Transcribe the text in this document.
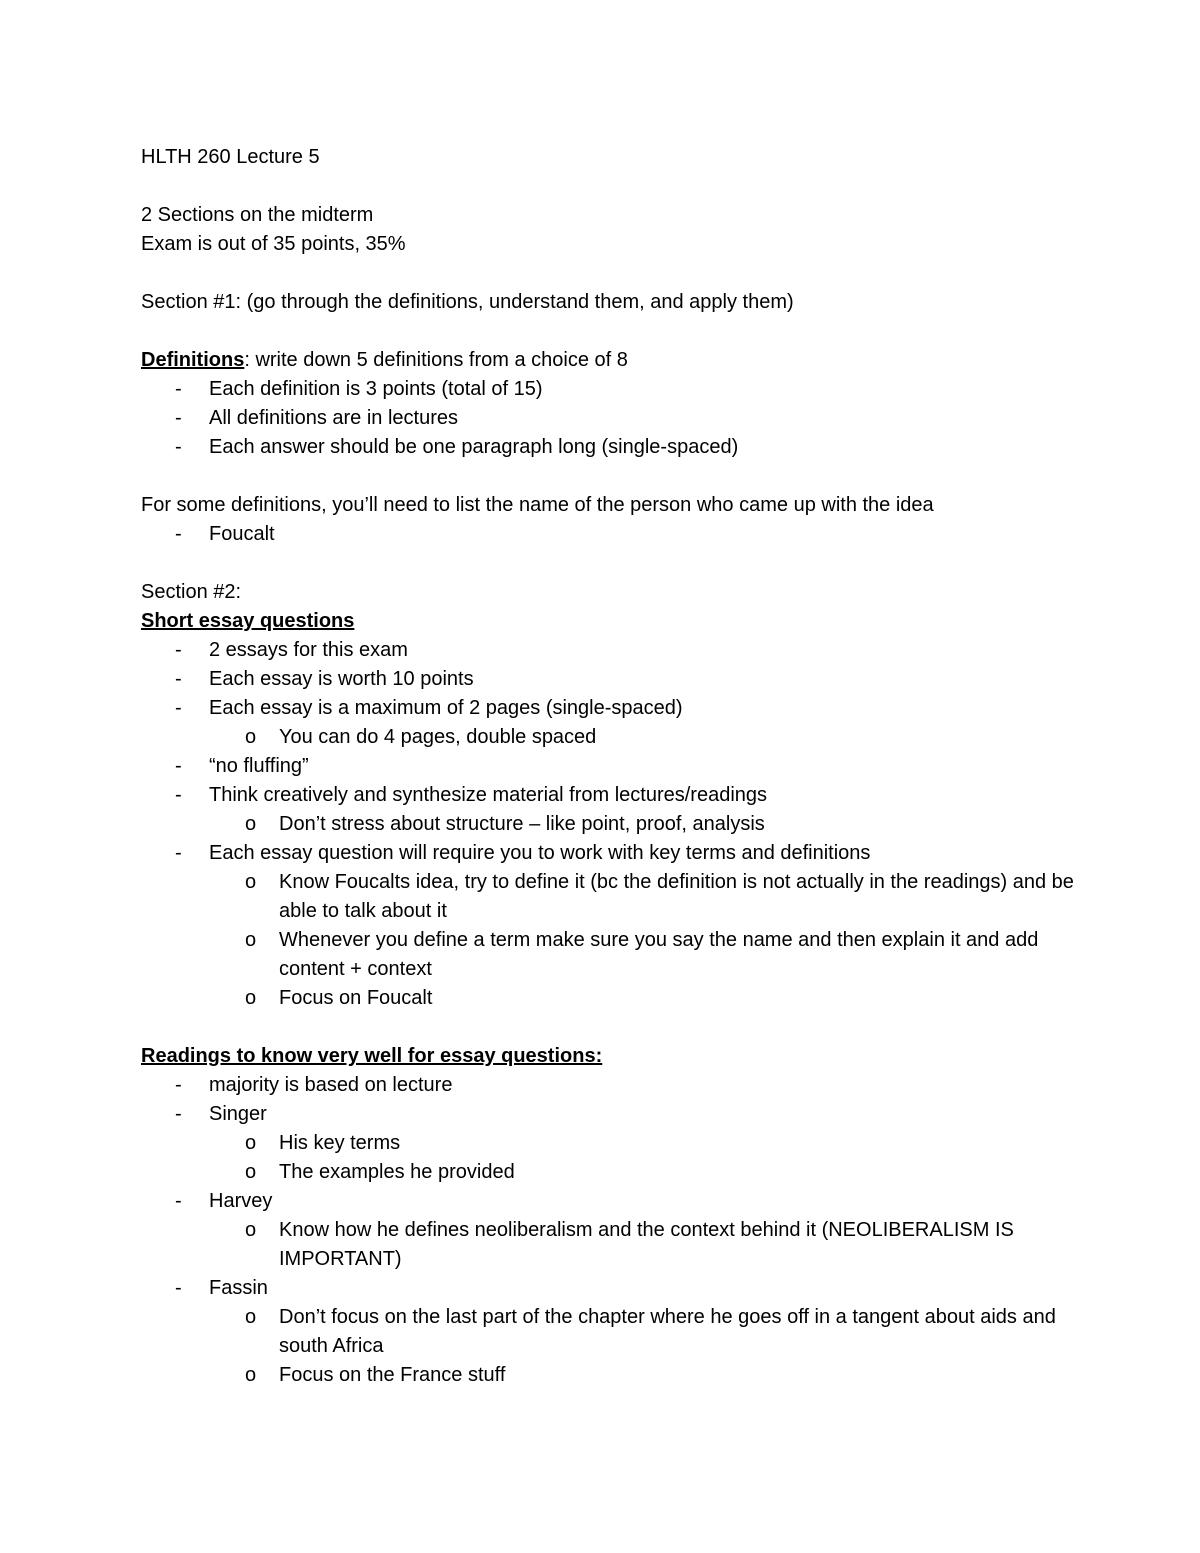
HLTH 260 Lecture 5

2 Sections on the midterm

Exam is out of 35 points, 35%

Section #1: (go through the definitions, understand them, and apply them)

Definitions: write down 5 definitions from a choice of 8

-	Each definition is 3 points (total of 15)
-	All definitions are in lectures
-	Each answer should be one paragraph long (single-spaced)

For some definitions, you’ll need to list the name of the person who came up with the idea

-	Foucalt

Section #2:

Short essay questions

-	2 essays for this exam
-	Each essay is worth 10 points
-	Each essay is a maximum of 2 pages (single-spaced)
o	You can do 4 pages, double spaced
-	“no fluffing”
-	Think creatively and synthesize material from lectures/readings
o	Don’t stress about structure – like point, proof, analysis
-	Each essay question will require you to work with key terms and definitions
o	Know Foucalts idea, try to define it (bc the definition is not actually in the readings) and be able to talk about it
o	Whenever you define a term make sure you say the name and then explain it and add content + context
o	Focus on Foucalt

Readings to know very well for essay questions:

-	majority is based on lecture
-	Singer
o	His key terms
o	The examples he provided
-	Harvey
o	Know how he defines neoliberalism and the context behind it (NEOLIBERALISM IS IMPORTANT)
-	Fassin
o	Don’t focus on the last part of the chapter where he goes off in a tangent about aids and south Africa
o	Focus on the France stuff
